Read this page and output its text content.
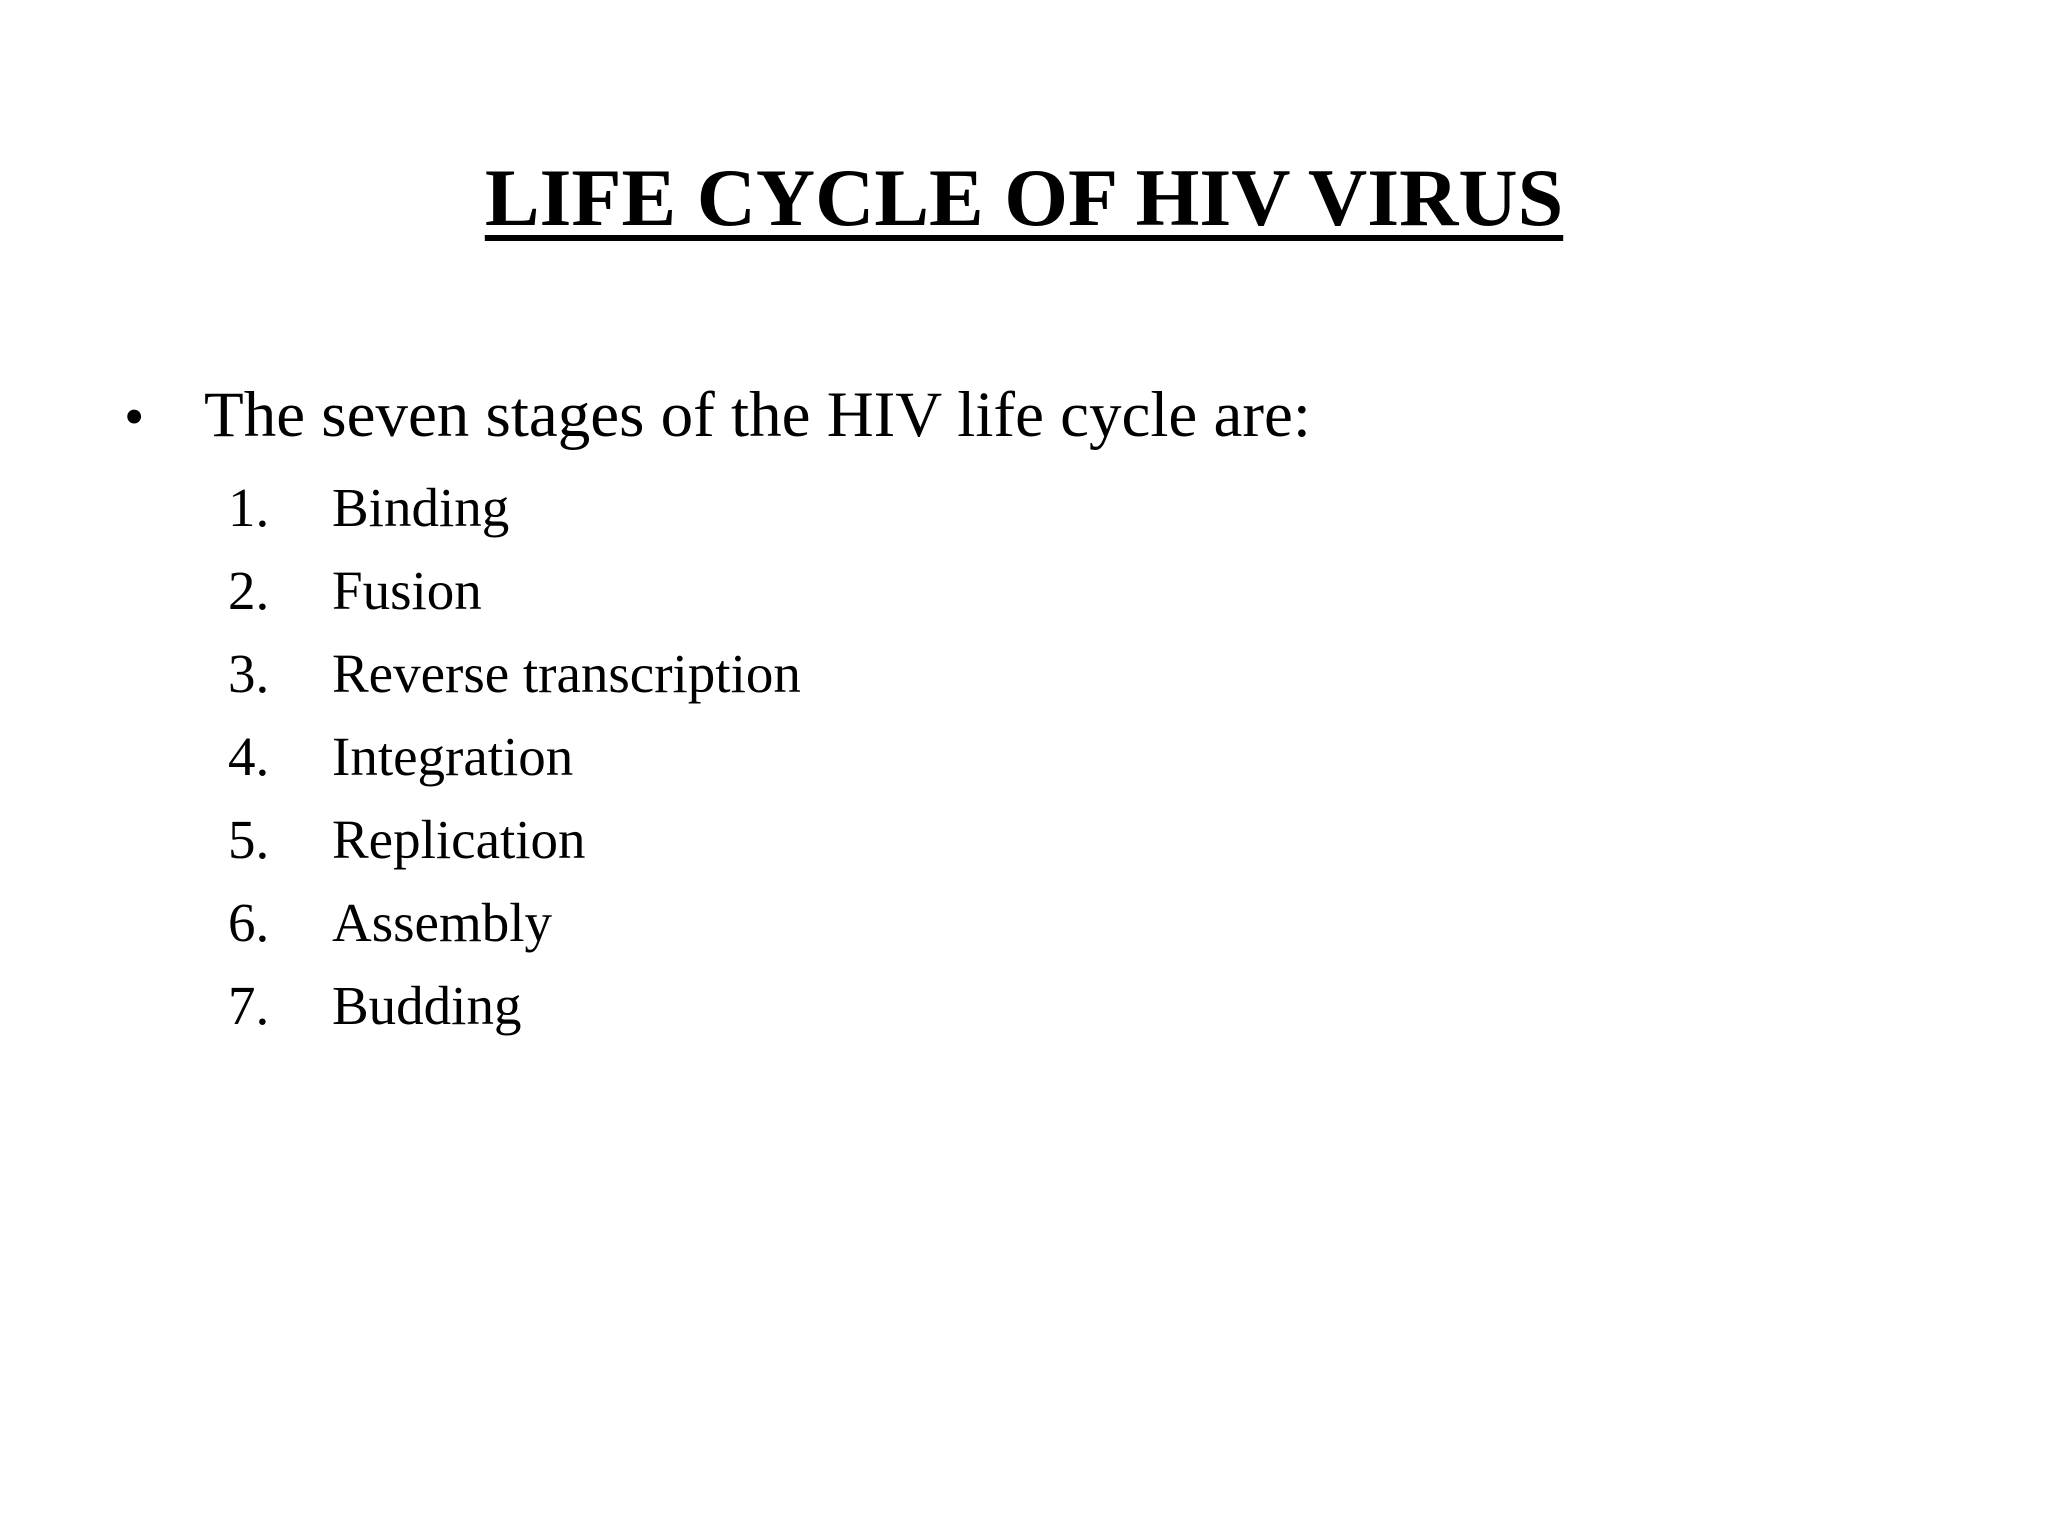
LIFE CYCLE OF HIV VIRUS
• The seven stages of the HIV life cycle are:
1.	Binding
2.	Fusion
3.	Reverse transcription
4.	Integration
5.	Replication
6.	Assembly
7.	Budding
